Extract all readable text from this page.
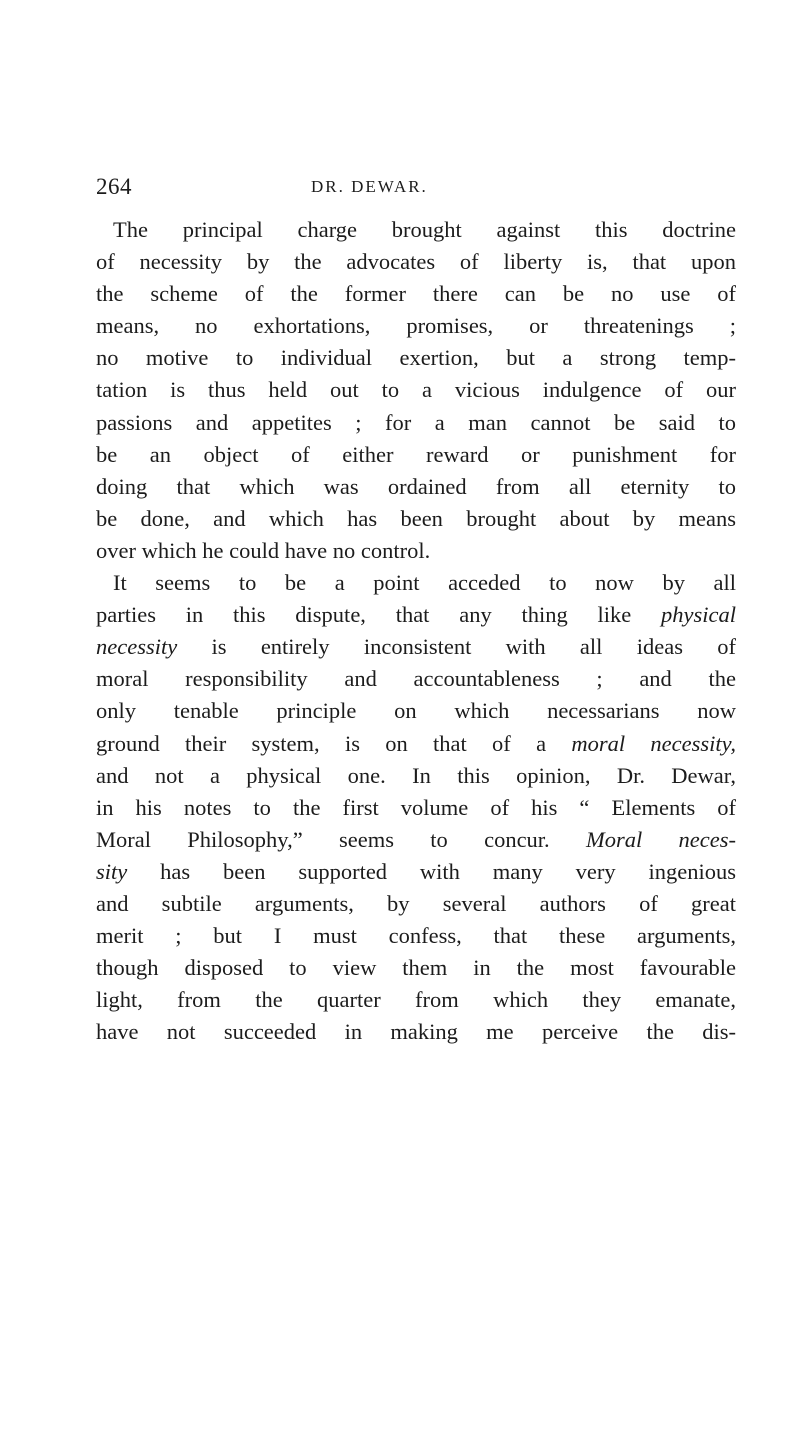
264	DR. DEWAR.
The principal charge brought against this doctrine
of necessity by the advocates of liberty is, that upon
the scheme of the former there can be no use of
means, no exhortations, promises, or threatenings ;
no motive to individual exertion, but a strong temp-
tation is thus held out to a vicious indulgence of our
passions and appetites ; for a man cannot be said to
be an object of either reward or punishment for
doing that which was ordained from all eternity to
be done, and which has been brought about by means
over which he could have no control.
It seems to be a point acceded to now by all
parties in this dispute, that any thing like physical
necessity is entirely inconsistent with all ideas of
moral responsibility and accountableness ; and the
only tenable principle on which necessarians now
ground their system, is on that of a moral necessity,
and not a physical one. In this opinion, Dr. Dewar,
in his notes to the first volume of his “ Elements of
Moral Philosophy,” seems to concur. Moral neces-
sity has been supported with many very ingenious
and subtile arguments, by several authors of great
merit ; but I must confess, that these arguments,
though disposed to view them in the most favourable
light, from the quarter from which they emanate,
have not succeeded in making me perceive the dis-
